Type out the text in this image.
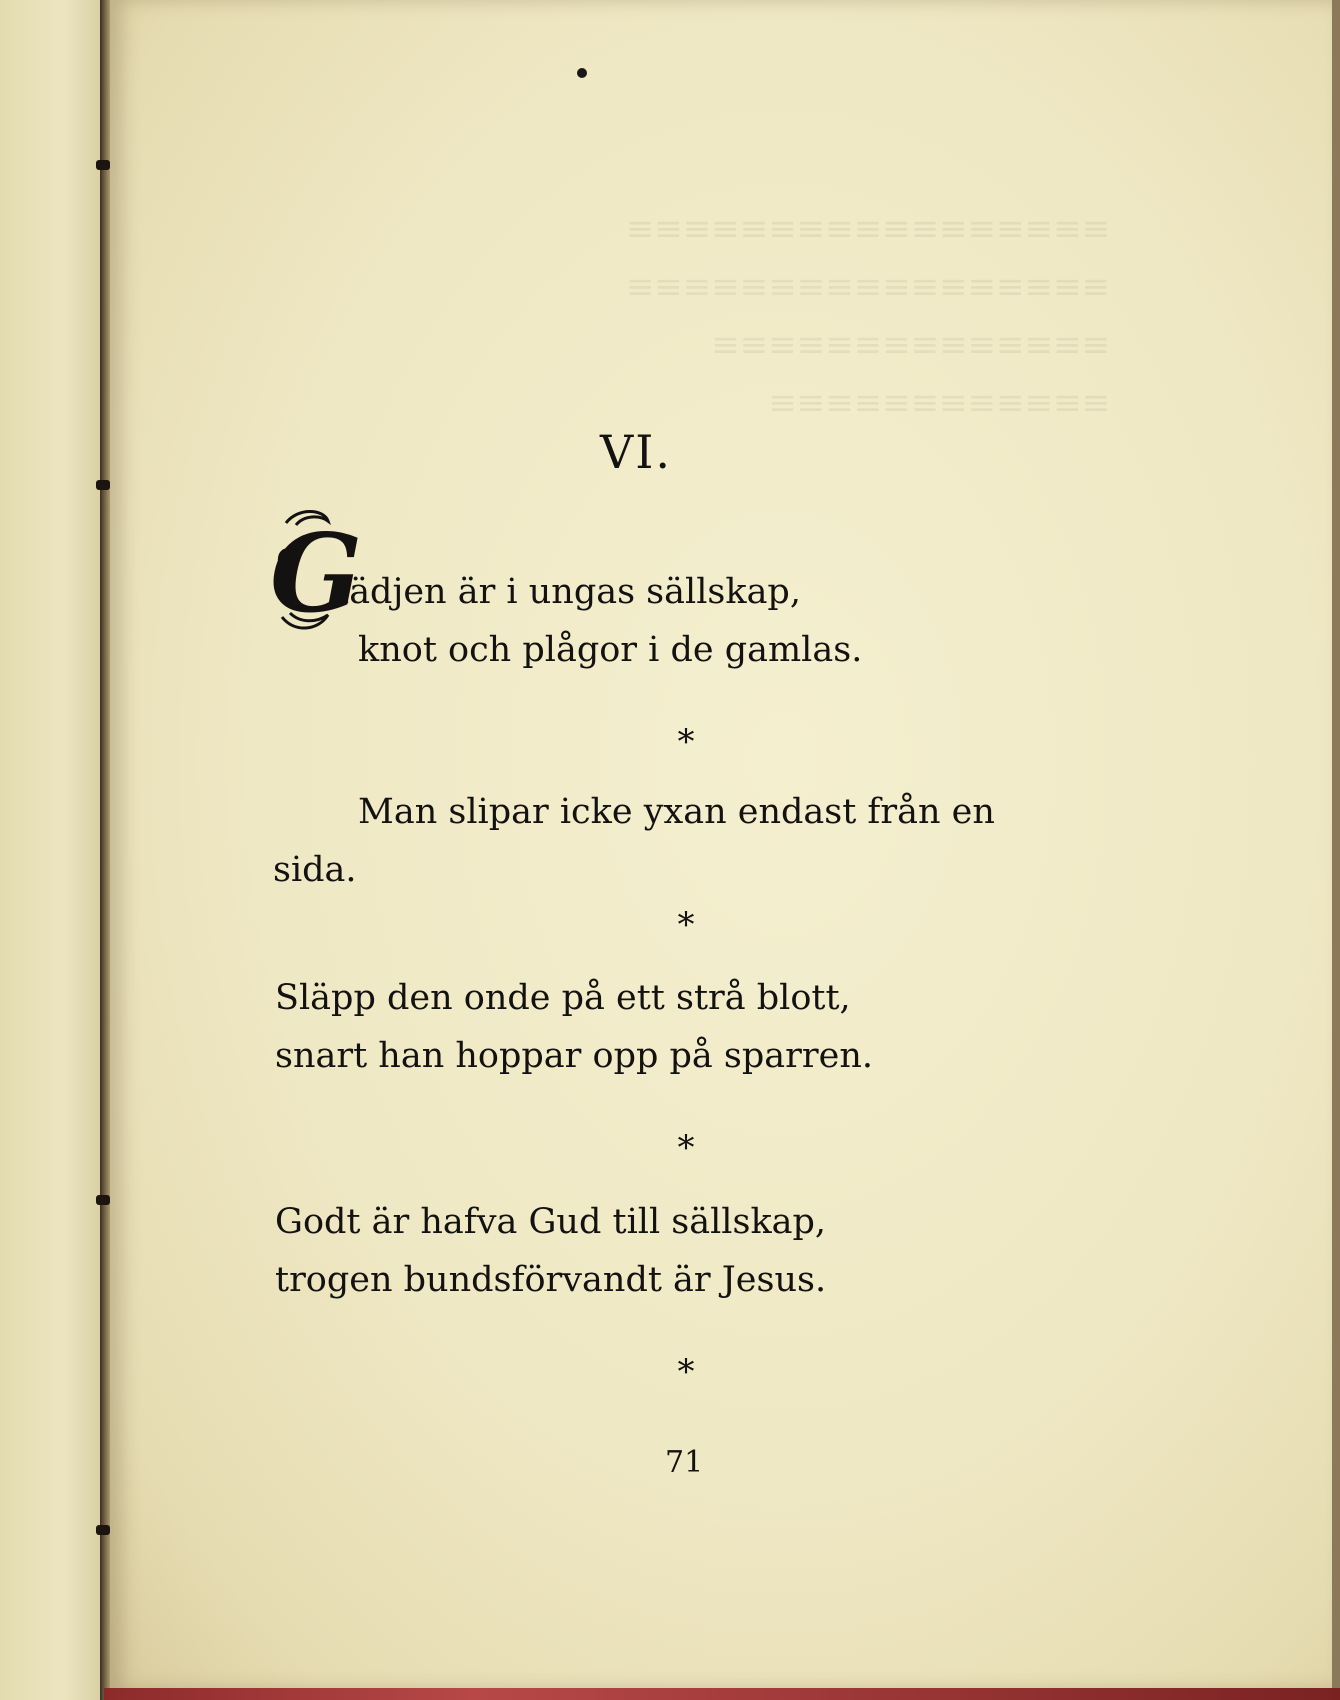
VI.
G
lädjen är i ungas sällskap,
knot och plågor i de gamlas.
*
Man slipar icke yxan endast från en
sida.
*
Släpp den onde på ett strå blott,
snart han hoppar opp på sparren.
*
Godt är hafva Gud till sällskap,
trogen bundsförvandt är Jesus.
*
71
